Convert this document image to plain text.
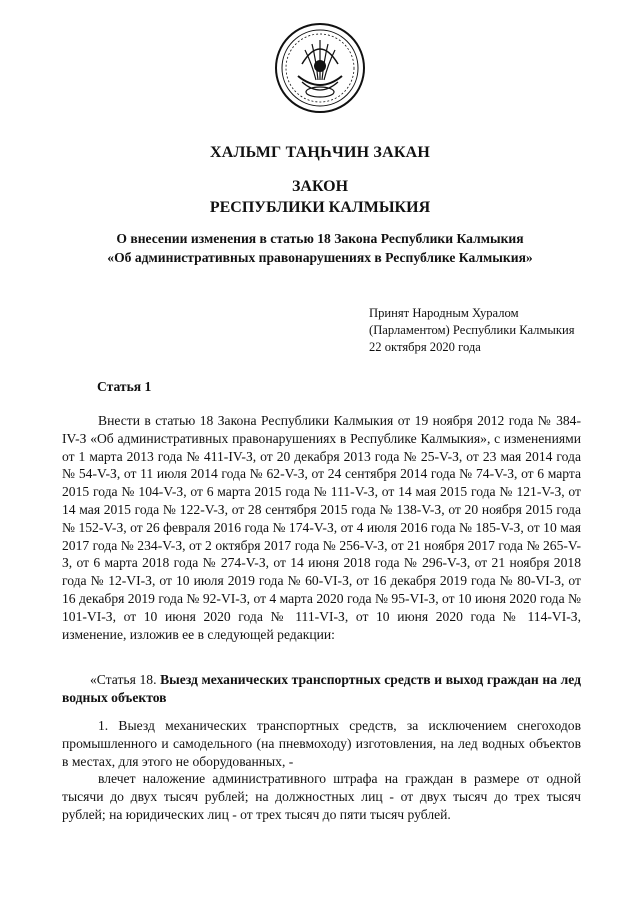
ХАЛЬМГ ТАҢҺЧИН ЗАКАН
ЗАКОН
РЕСПУБЛИКИ КАЛМЫКИЯ
О внесении изменения в статью 18 Закона Республики Калмыкия
«Об административных правонарушениях в Республике Калмыкия»
Принят Народным Хуралом
(Парламентом) Республики Калмыкия
22 октября 2020 года
Статья 1

Внести в статью 18 Закона Республики Калмыкия от 19 ноября 2012 года № 384-IV-З «Об административных правонарушениях в Республике Калмыкия», с изменениями от 1 марта 2013 года № 411-IV-З, от 20 декабря 2013 года № 25-V-З, от 23 мая 2014 года № 54-V-З, от 11 июля 2014 года № 62-V-З, от 24 сентября 2014 года № 74-V-З, от 6 марта 2015 года № 104-V-З, от 6 марта 2015 года № 111-V-З, от 14 мая 2015 года № 121-V-З, от 14 мая 2015 года № 122-V-З, от 28 сентября 2015 года № 138-V-З, от 20 ноября 2015 года № 152-V-З, от 26 февраля 2016 года № 174-V-З, от 4 июля 2016 года № 185-V-З, от 10 мая 2017 года № 234-V-З, от 2 октября 2017 года № 256-V-З, от 21 ноября 2017 года № 265-V-З, от 6 марта 2018 года № 274-V-З, от 14 июня 2018 года № 296-V-З, от 21 ноября 2018 года № 12-VI-З, от 10 июля 2019 года № 60-VI-З, от 16 декабря 2019 года № 80-VI-З, от 16 декабря 2019 года № 92-VI-З, от 4 марта 2020 года № 95-VI-З, от 10 июня 2020 года № 101-VI-З, от 10 июня 2020 года № 111-VI-З, от 10 июня 2020 года № 114-VI-З, изменение, изложив ее в следующей редакции:

«Статья 18. Выезд механических транспортных средств и выход граждан на лед водных объектов

1. Выезд механических транспортных средств, за исключением снегоходов промышленного и самодельного (на пневмоходу) изготовления, на лед водных объектов в местах, для этого не оборудованных, -

влечет наложение административного штрафа на граждан в размере от одной тысячи до двух тысяч рублей; на должностных лиц - от двух тысяч до трех тысяч рублей; на юридических лиц - от трех тысяч до пяти тысяч рублей.
